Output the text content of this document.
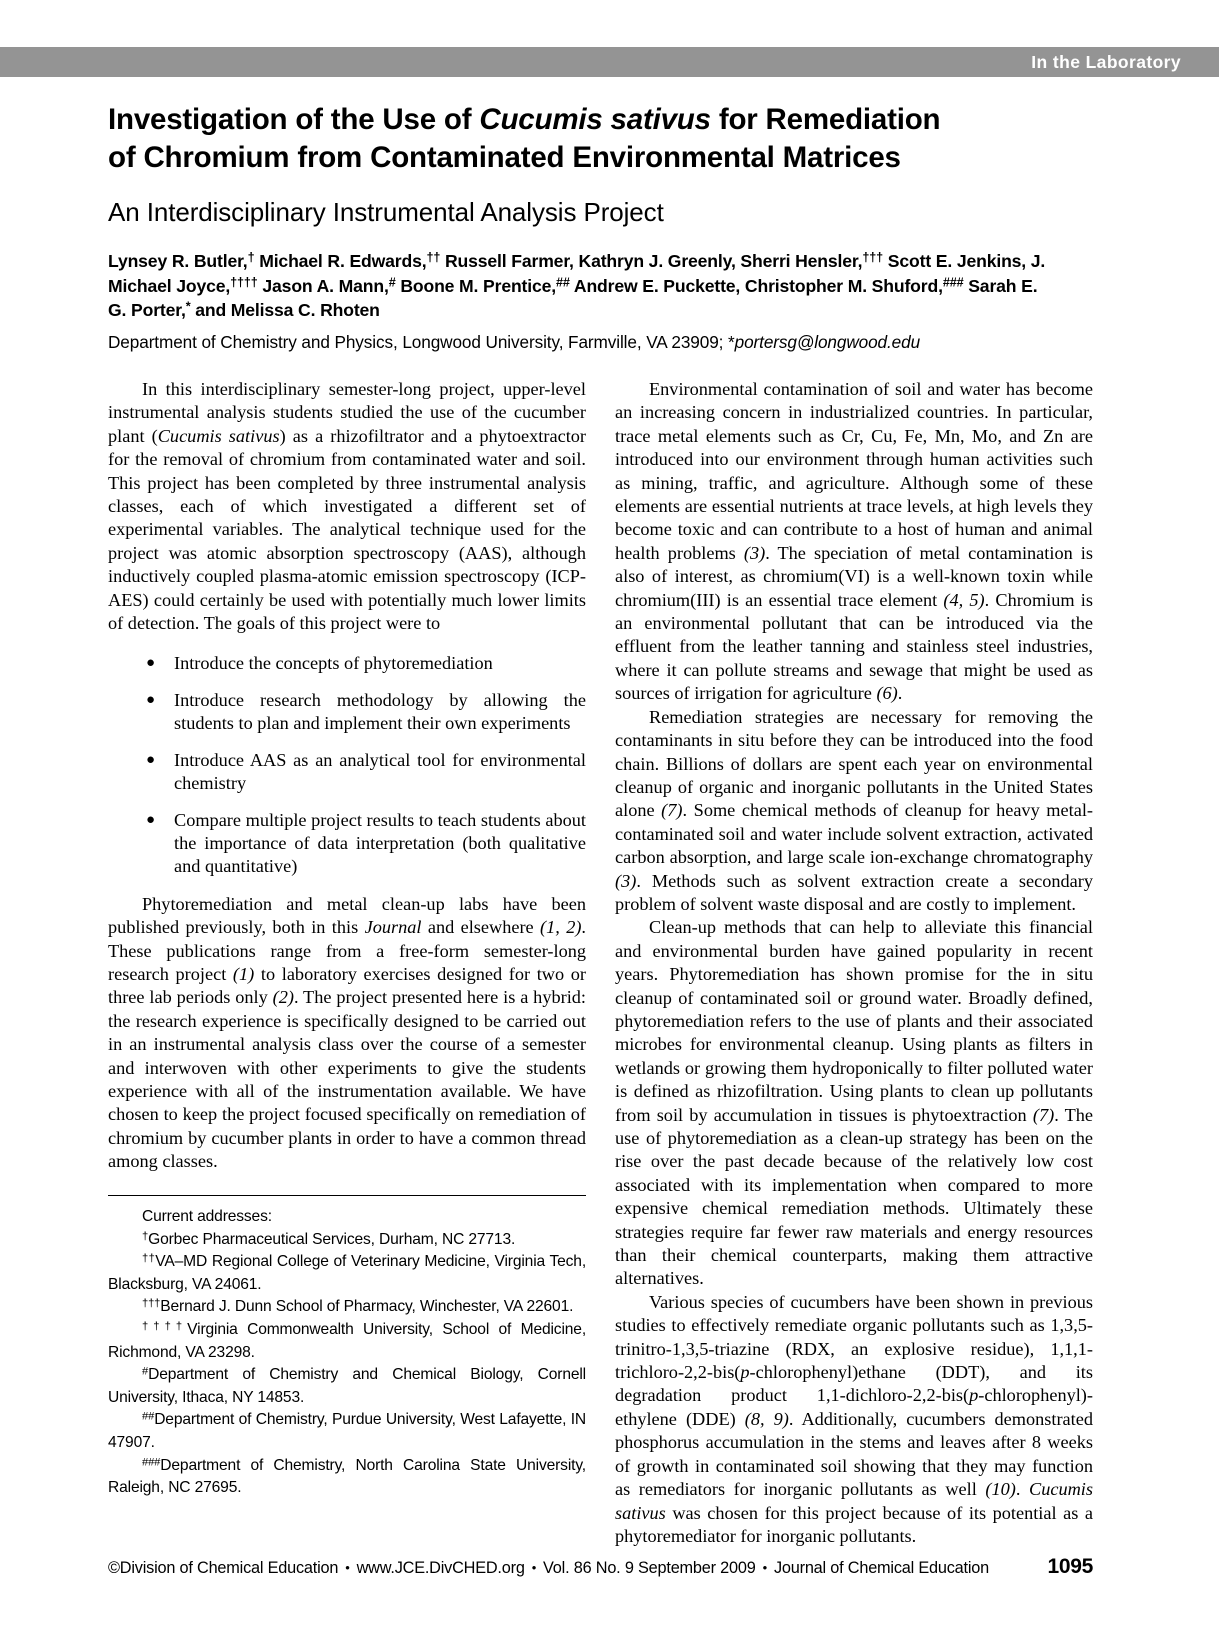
In the Laboratory
Investigation of the Use of Cucumis sativus for Remediation
of Chromium from Contaminated Environmental Matrices
An Interdisciplinary Instrumental Analysis Project
Lynsey R. Butler,† Michael R. Edwards,†† Russell Farmer, Kathryn J. Greenly, Sherri Hensler,††† Scott E. Jenkins, J. Michael Joyce,†††† Jason A. Mann,# Boone M. Prentice,## Andrew E. Puckette, Christopher M. Shuford,### Sarah E. G. Porter,* and Melissa C. Rhoten
Department of Chemistry and Physics, Longwood University, Farmville, VA 23909; *portersg@longwood.edu

In this interdisciplinary semester-long project, upper-level instrumental analysis students studied the use of the cucumber plant (Cucumis sativus) as a rhizofiltrator and a phytoextractor for the removal of chromium from contaminated water and soil. This project has been completed by three instrumental analysis classes, each of which investigated a different set of experimental variables. The analytical technique used for the project was atomic absorption spectroscopy (AAS), although inductively coupled plasma-atomic emission spectroscopy (ICP-AES) could certainly be used with potentially much lower limits of detection. The goals of this project were to

● Introduce the concepts of phytoremediation
● Introduce research methodology by allowing the students to plan and implement their own experiments
● Introduce AAS as an analytical tool for environmental chemistry
● Compare multiple project results to teach students about the importance of data interpretation (both qualitative and quantitative)

Phytoremediation and metal clean-up labs have been published previously, both in this Journal and elsewhere (1, 2). These publications range from a free-form semester-long research project (1) to laboratory exercises designed for two or three lab periods only (2). The project presented here is a hybrid: the research experience is specifically designed to be carried out in an instrumental analysis class over the course of a semester and interwoven with other experiments to give the students experience with all of the instrumentation available. We have chosen to keep the project focused specifically on remediation of chromium by cucumber plants in order to have a common thread among classes.

Current addresses:

†Gorbec Pharmaceutical Services, Durham, NC 27713.

††VA–MD Regional College of Veterinary Medicine, Virginia Tech, Blacksburg, VA 24061.

†††Bernard J. Dunn School of Pharmacy, Winchester, VA 22601.

††††Virginia Commonwealth University, School of Medicine, Richmond, VA 23298.

#Department of Chemistry and Chemical Biology, Cornell University, Ithaca, NY 14853.

##Department of Chemistry, Purdue University, West Lafayette, IN 47907.

###Department of Chemistry, North Carolina State University, Raleigh, NC 27695.

Environmental contamination of soil and water has become an increasing concern in industrialized countries. In particular, trace metal elements such as Cr, Cu, Fe, Mn, Mo, and Zn are introduced into our environment through human activities such as mining, traffic, and agriculture. Although some of these elements are essential nutrients at trace levels, at high levels they become toxic and can contribute to a host of human and animal health problems (3). The speciation of metal contamination is also of interest, as chromium(VI) is a well-known toxin while chromium(III) is an essential trace element (4, 5). Chromium is an environmental pollutant that can be introduced via the effluent from the leather tanning and stainless steel industries, where it can pollute streams and sewage that might be used as sources of irrigation for agriculture (6).

Remediation strategies are necessary for removing the contaminants in situ before they can be introduced into the food chain. Billions of dollars are spent each year on environmental cleanup of organic and inorganic pollutants in the United States alone (7). Some chemical methods of cleanup for heavy metal-contaminated soil and water include solvent extraction, activated carbon absorption, and large scale ion-exchange chromatography (3). Methods such as solvent extraction create a secondary problem of solvent waste disposal and are costly to implement.

Clean-up methods that can help to alleviate this financial and environmental burden have gained popularity in recent years. Phytoremediation has shown promise for the in situ cleanup of contaminated soil or ground water. Broadly defined, phytoremediation refers to the use of plants and their associated microbes for environmental cleanup. Using plants as filters in wetlands or growing them hydroponically to filter polluted water is defined as rhizofiltration. Using plants to clean up pollutants from soil by accumulation in tissues is phytoextraction (7). The use of phytoremediation as a clean-up strategy has been on the rise over the past decade because of the relatively low cost associated with its implementation when compared to more expensive chemical remediation methods. Ultimately these strategies require far fewer raw materials and energy resources than their chemical counterparts, making them attractive alternatives.

Various species of cucumbers have been shown in previous studies to effectively remediate organic pollutants such as 1,3,5-trinitro-1,3,5-triazine (RDX, an explosive residue), 1,1,1-trichloro-2,2-bis(p-chlorophenyl)ethane (DDT), and its degradation product 1,1-dichloro-2,2-bis(p-chlorophenyl)-ethylene (DDE) (8, 9). Additionally, cucumbers demonstrated phosphorus accumulation in the stems and leaves after 8 weeks of growth in contaminated soil showing that they may function as remediators for inorganic pollutants as well (10). Cucumis sativus was chosen for this project because of its potential as a phytoremediator for inorganic pollutants.

©Division of Chemical Education • www.JCE.DivCHED.org • Vol. 86 No. 9 September 2009 • Journal of Chemical Education	1095
